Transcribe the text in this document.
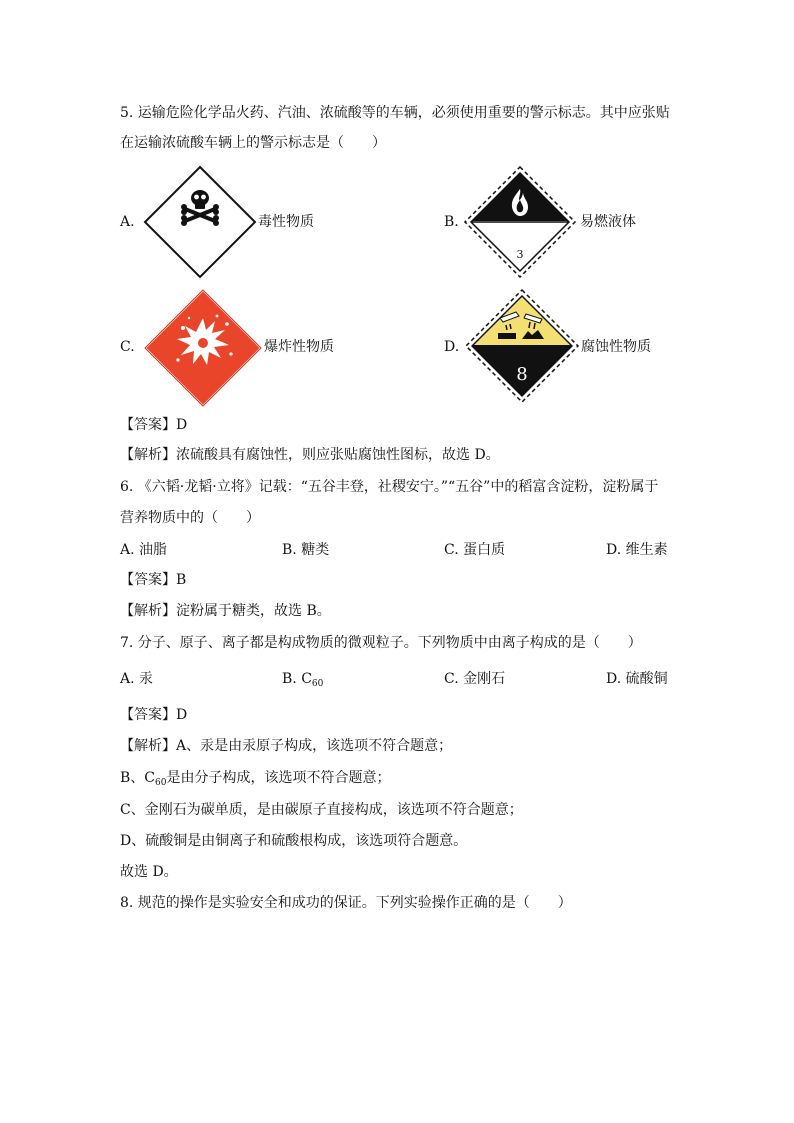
5. 运输危险化学品火药、汽油、浓硫酸等的车辆，必须使用重要的警示标志。其中应张贴
在运输浓硫酸车辆上的警示标志是（　　）
A.	毒性物质	B.
3
易燃液体
C.	爆炸性物质	D.
8
腐蚀性物质
【答案】D
【解析】浓硫酸具有腐蚀性，则应张贴腐蚀性图标，故选 D。
6. 《六韬·龙韬·立将》记载：“五谷丰登，社稷安宁。”“五谷”中的稻富含淀粉，淀粉属于
营养物质中的（　　）
A. 油脂	B. 糖类	C. 蛋白质	D. 维生素
【答案】B
【解析】淀粉属于糖类，故选 B。
7. 分子、原子、离子都是构成物质的微观粒子。下列物质中由离子构成的是（　　）
A. 汞	B. $C_{60}$	C. 金刚石	D. 硫酸铜
【答案】D
【解析】A、汞是由汞原子构成，该选项不符合题意；
B、$C_{60}$是由分子构成，该选项不符合题意；
C、金刚石为碳单质，是由碳原子直接构成，该选项不符合题意；
D、硫酸铜是由铜离子和硫酸根构成，该选项符合题意。
故选 D。
8. 规范的操作是实验安全和成功的保证。下列实验操作正确的是（　　）
